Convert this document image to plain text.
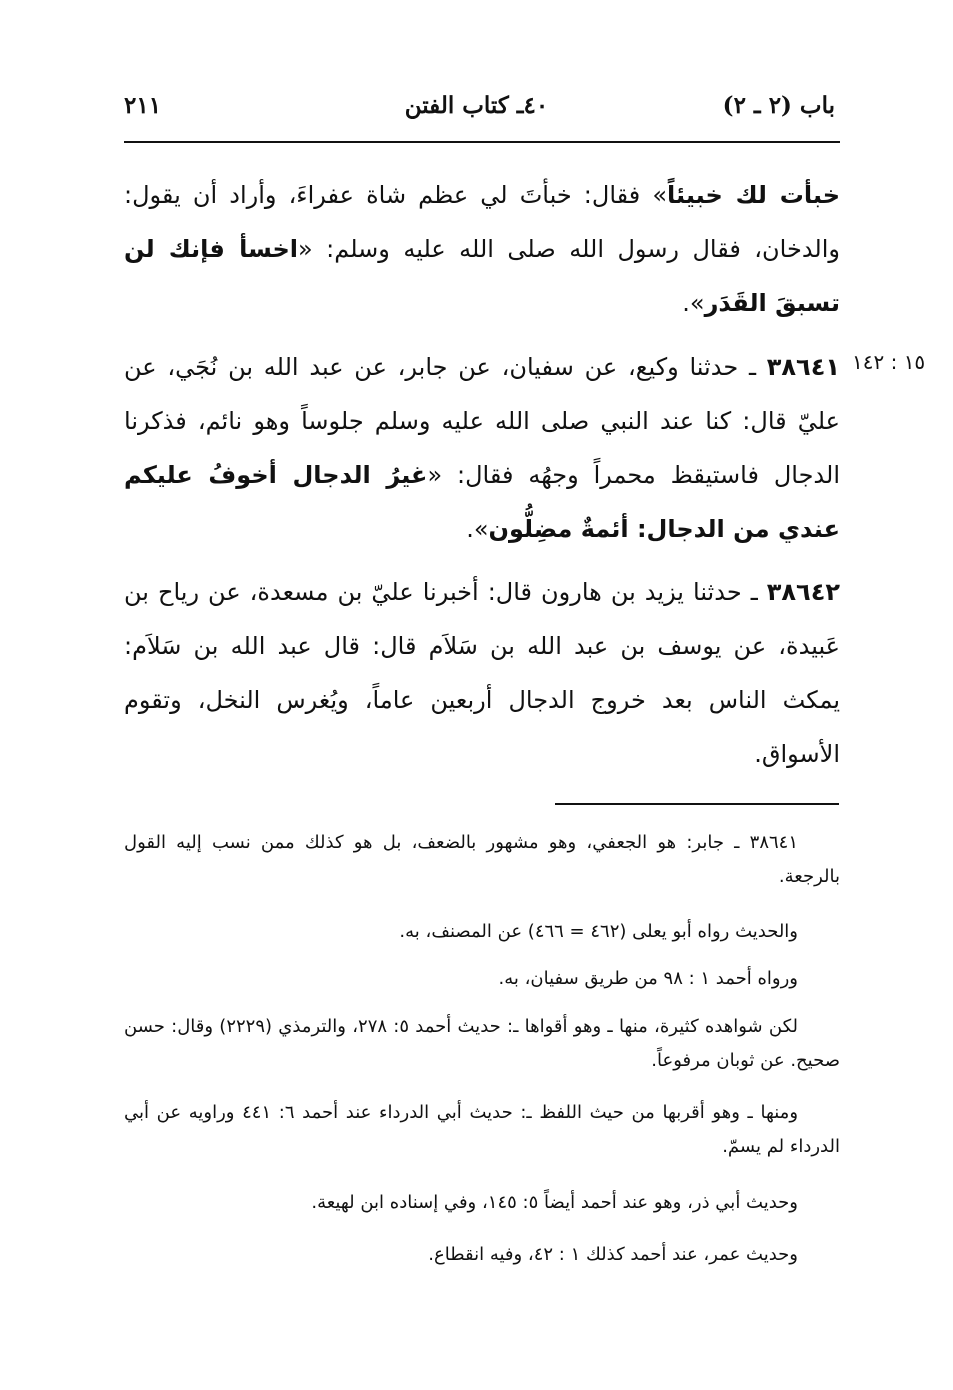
باب (٢ ـ ٢)
٤٠ـ كتاب الفتن
٢١١
خبأت لك خبيئاً» فقال: خبأتَ لي عظم شاة عفراءَ، وأراد أن يقول: والدخان، فقال رسول الله صلى الله عليه وسلم: «اخسأ فإنك لن تسبقَ القَدَر».
١٥ : ١٤٢
٣٨٦٤١ ـ حدثنا وكيع، عن سفيان، عن جابر، عن عبد الله بن نُجَي، عن عليّ قال: كنا عند النبي صلى الله عليه وسلم جلوساً وهو نائم، فذكرنا الدجال فاستيقظ محمراً وجهُه فقال: «غيرُ الدجال أخوفُ عليكم عندي من الدجال: أئمةٌ مضِلُّون».
٣٨٦٤٢ ـ حدثنا يزيد بن هارون قال: أخبرنا عليّ بن مسعدة، عن رياح بن عَبيدة، عن يوسف بن عبد الله بن سَلاَم قال: قال عبد الله بن سَلاَم: يمكث الناس بعد خروج الدجال أربعين عاماً، ويُغرس النخل، وتقوم الأسواق.
٣٨٦٤١ ـ جابر: هو الجعفي، وهو مشهور بالضعف، بل هو كذلك ممن نسب إليه القول بالرجعة.
والحديث رواه أبو يعلى (٤٦٢ = ٤٦٦) عن المصنف، به.
ورواه أحمد ١ : ٩٨ من طريق سفيان، به.
لكن شواهده كثيرة، منها ـ وهو أقواها ـ: حديث أحمد ٥: ٢٧٨، والترمذي (٢٢٢٩) وقال: حسن صحيح. عن ثوبان مرفوعاً.
ومنها ـ وهو أقربها من حيث اللفظ ـ: حديث أبي الدرداء عند أحمد ٦: ٤٤١ وراويه عن أبي الدرداء لم يسمّ.
وحديث أبي ذر، وهو عند أحمد أيضاً ٥: ١٤٥، وفي إسناده ابن لهيعة.
وحديث عمر، عند أحمد كذلك ١ : ٤٢، وفيه انقطاع.
